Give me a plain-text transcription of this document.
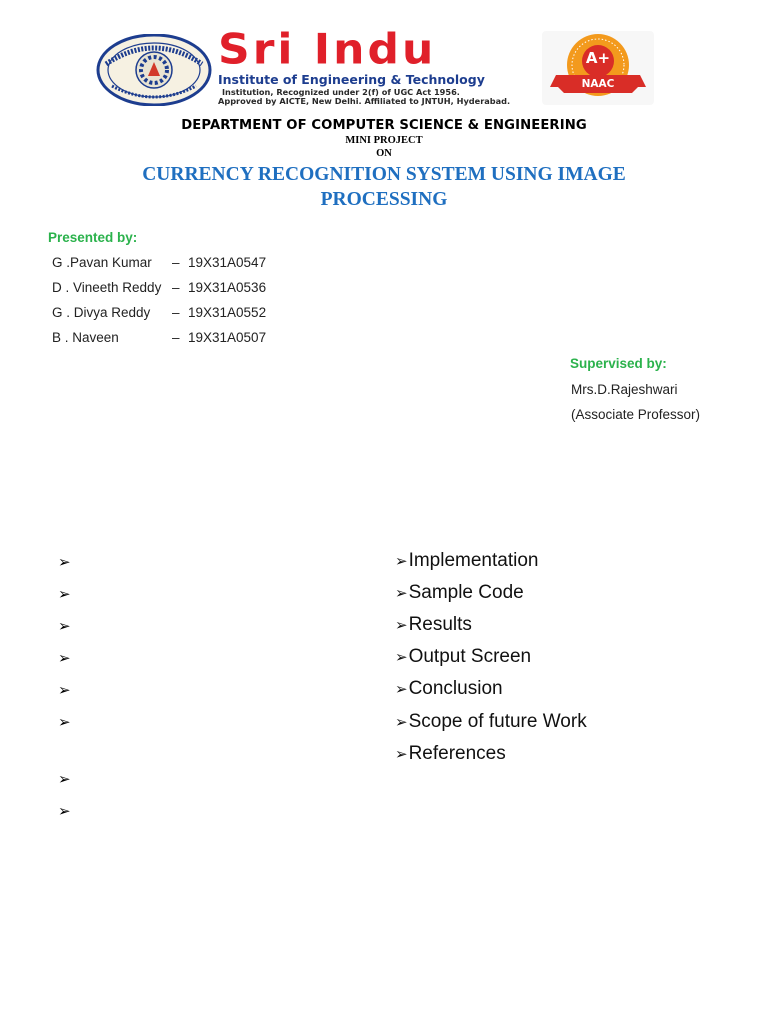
Sri Indu
Institute of Engineering & Technology
Institution, Recognized under 2(f) of UGC Act 1956.
Approved by AICTE, New Delhi. Affiliated to JNTUH, Hyderabad.
A+
NAAC
DEPARTMENT OF COMPUTER SCIENCE & ENGINEERING
MINI PROJECT
ON
CURRENCY RECOGNITION SYSTEM USING IMAGE
PROCESSING
Presented by:
G .Pavan Kumar – 19X31A0547
D . Vineeth Reddy – 19X31A0536
G . Divya Reddy – 19X31A0552
B . Naveen	– 19X31A0507
Supervised by:
Mrs.D.Rajeshwari
(Associate Professor)
➢
➢
➢
➢
➢
➢
➢
➢
➢Implementation
➢Sample Code
➢Results
➢Output Screen
➢Conclusion
➢Scope of future Work
➢References
